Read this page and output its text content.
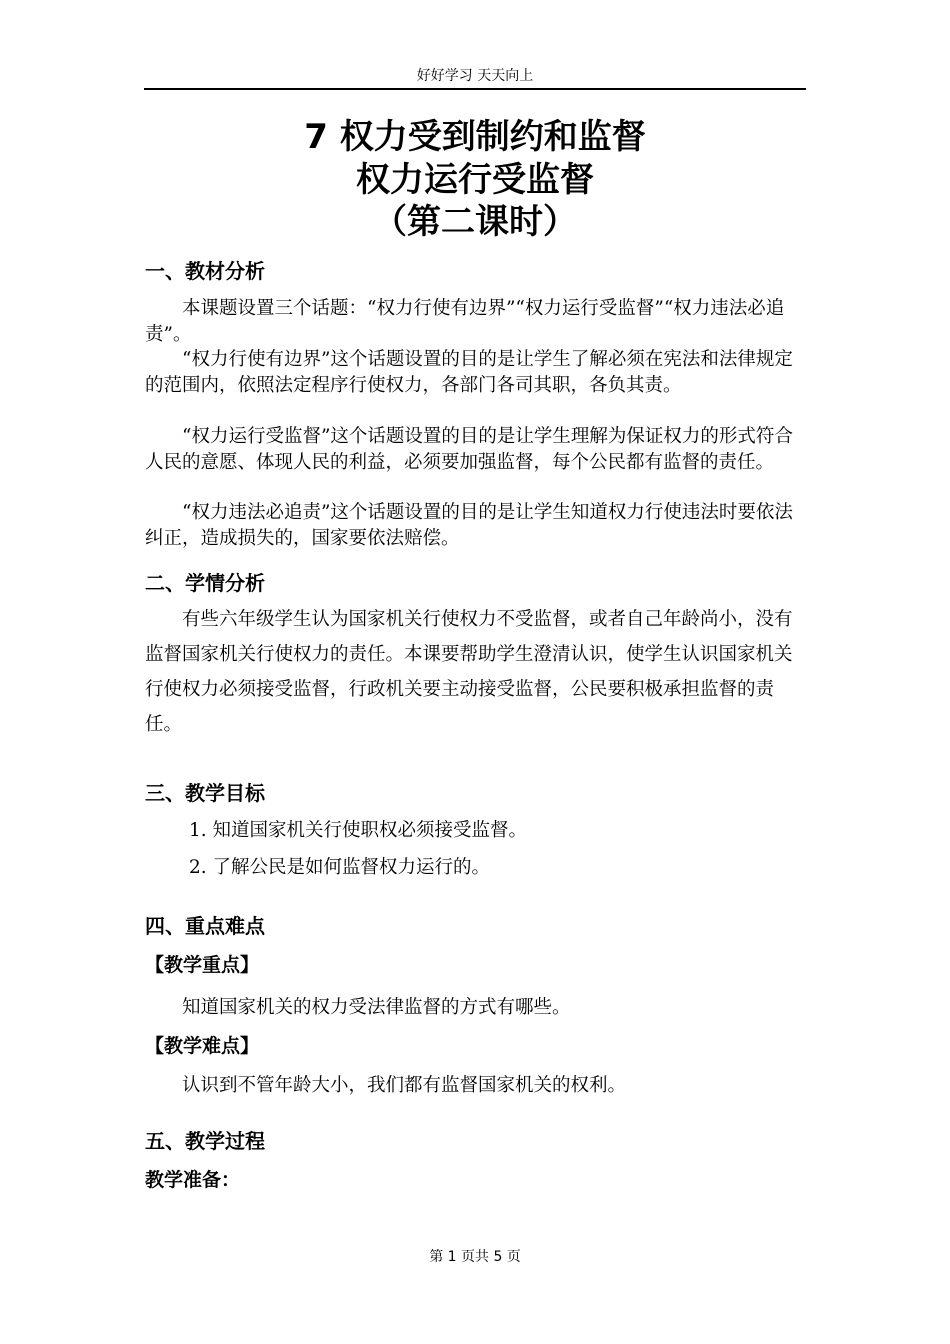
好好学习 天天向上
7 权力受到制约和监督
权力运行受监督
（第二课时）
一、教材分析

本课题设置三个话题：“权力行使有边界”“权力运行受监督”“权力违法必追责”。

“权力行使有边界”这个话题设置的目的是让学生了解必须在宪法和法律规定的范围内，依照法定程序行使权力，各部门各司其职，各负其责。

“权力运行受监督”这个话题设置的目的是让学生理解为保证权力的形式符合人民的意愿、体现人民的利益，必须要加强监督，每个公民都有监督的责任。

“权力违法必追责”这个话题设置的目的是让学生知道权力行使违法时要依法纠正，造成损失的，国家要依法赔偿。

二、学情分析

有些六年级学生认为国家机关行使权力不受监督，或者自己年龄尚小，没有监督国家机关行使权力的责任。本课要帮助学生澄清认识，使学生认识国家机关行使权力必须接受监督，行政机关要主动接受监督，公民要积极承担监督的责任。

三、教学目标
1. 知道国家机关行使职权必须接受监督。
2. 了解公民是如何监督权力运行的。
四、重点难点
【教学重点】

知道国家机关的权力受法律监督的方式有哪些。

【教学难点】

认识到不管年龄大小，我们都有监督国家机关的权利。

五、教学过程
教学准备：
第 1 页共 5 页
